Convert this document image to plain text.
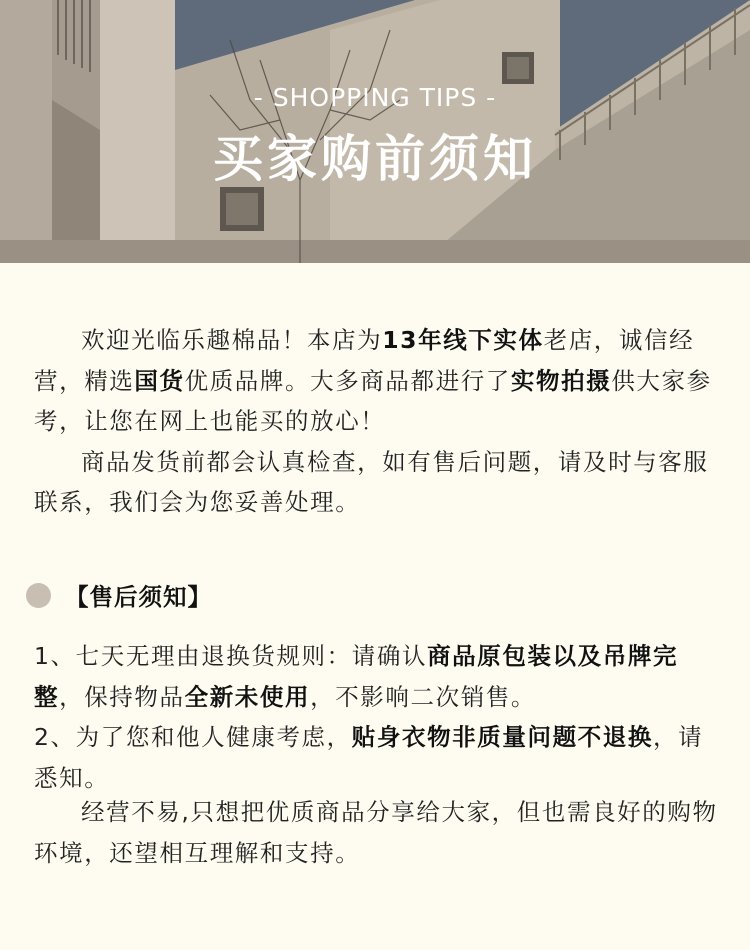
- SHOPPING TIPS -
买家购前须知

欢迎光临乐趣棉品！本店为13年线下实体老店，诚信经营，精选国货优质品牌。大多商品都进行了实物拍摄供大家参考，让您在网上也能买的放心！

商品发货前都会认真检查，如有售后问题，请及时与客服联系，我们会为您妥善处理。

【售后须知】

1、七天无理由退换货规则：请确认商品原包装以及吊牌完整，保持物品全新未使用，不影响二次销售。

2、为了您和他人健康考虑，贴身衣物非质量问题不退换，请悉知。

经营不易,只想把优质商品分享给大家，但也需良好的购物环境，还望相互理解和支持。
